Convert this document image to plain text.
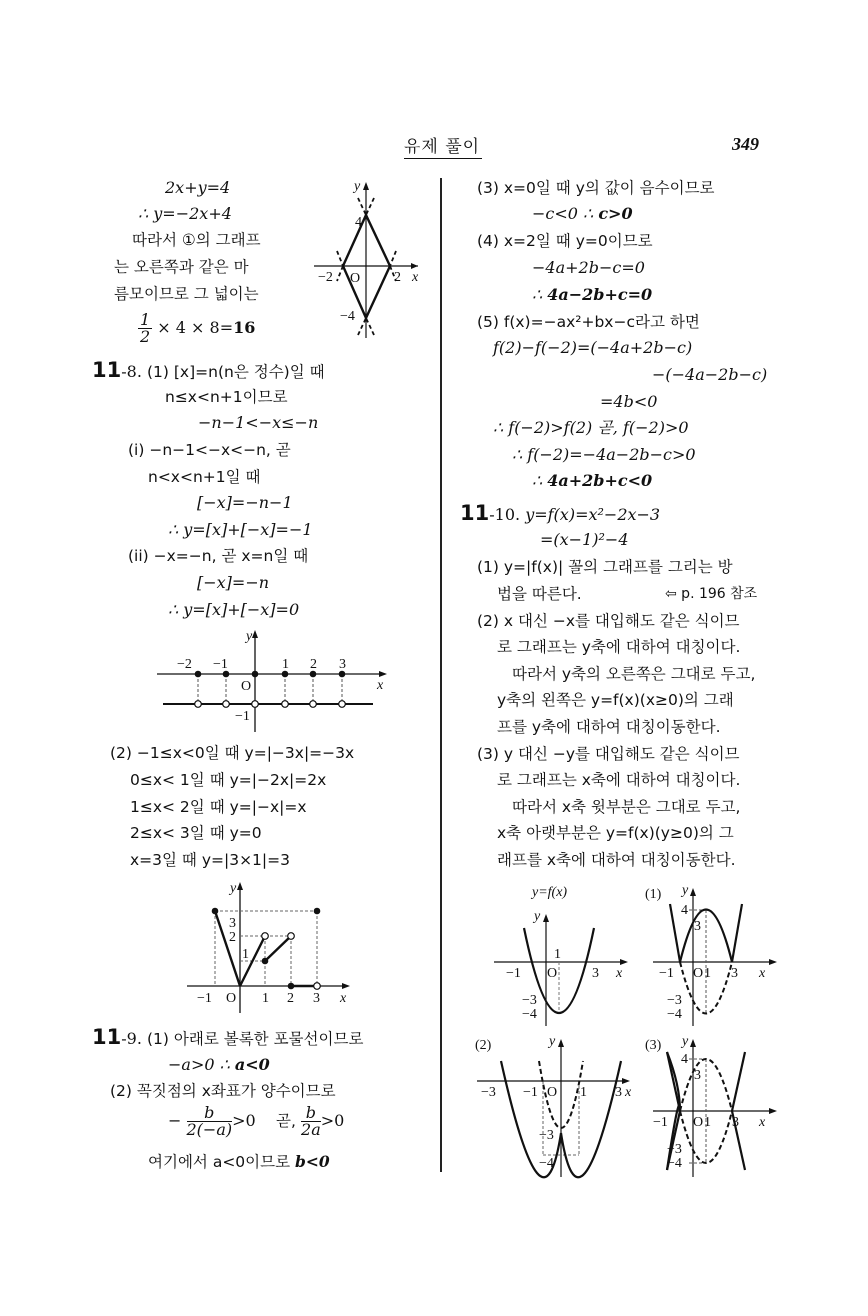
유제 풀이	349
2x+y=4
∴ y=−2x+4
따라서 ①의 그래프
는 오른쪽과 같은 마
름모이므로 그 넓이는
$\frac{1}{2} \times 4 \times 8=16$
y
4
−2 O 2 x
−4
11-8. (1) [x]=n(n은 정수)일 때
n≤x<n+1이므로
−n−1<−x≤−n
(i) −n−1<−x<−n, 곧
n<x<n+1일 때
[−x]=−n−1
∴ y=[x]+[−x]=−1
(ii) −x=−n, 곧 x=n일 때
[−x]=−n
∴ y=[x]+[−x]=0
y
−2 −1	1 2 3
O	x
−1
(2) −1≤x<0일 때 y=|−3x|=−3x
0≤x< 1일 때 y=|−2x|=2x
1≤x< 2일 때 y=|−x|=x
2≤x< 3일 때 y=0
x=3일 때 y=|3×1|=3
y
3
2
1
−1 O 1 2 3 x
11-9. (1) 아래로 볼록한 포물선이므로
−a>0 ∴ a<0
(2) 꼭짓점의 x좌표가 양수이므로
− $\frac{b}{2(-a)} >0$ 곧, $\frac{b}{2a} >0$
여기에서 a<0이므로 b<0
(3) x=0일 때 y의 값이 음수이므로
−c<0 ∴ c>0
(4) x=2일 때 y=0이므로
−4a+2b−c=0
∴ 4a−2b+c=0
(5) f(x)=−ax²+bx−c라고 하면
f(2)−f(−2)=(−4a+2b−c)
−(−4a−2b−c)
=4b<0
∴ f(−2)>f(2) 곧, f(−2)>0
∴ f(−2)=−4a−2b−c>0
∴ 4a+2b+c<0
11-10. y=f(x)=x²−2x−3
=(x−1)²−4
(1) y=|f(x)| 꼴의 그래프를 그리는 방
법을 따른다.	⇦ p. 196 참조
(2) x 대신 −x를 대입해도 같은 식이므
로 그래프는 y축에 대하여 대칭이다.
따라서 y축의 오른쪽은 그대로 두고,
y축의 왼쪽은 y=f(x)(x≥0)의 그래
프를 y축에 대하여 대칭이동한다.
(3) y 대신 −y를 대입해도 같은 식이므
로 그래프는 x축에 대하여 대칭이다.
따라서 x축 윗부분은 그대로 두고,
x축 아랫부분은 y=f(x)(y≥0)의 그
래프를 x축에 대하여 대칭이동한다.
y=f(x)
y
1
−1 O 3 x
−3
−4
(1) y
4
3
−1 O 1 3 x
−3
−4
(2)	y
−3 −1 O 1 3 x
−3
−4
(3) y
4
3
−1 O 1 3 x
−3
−4
